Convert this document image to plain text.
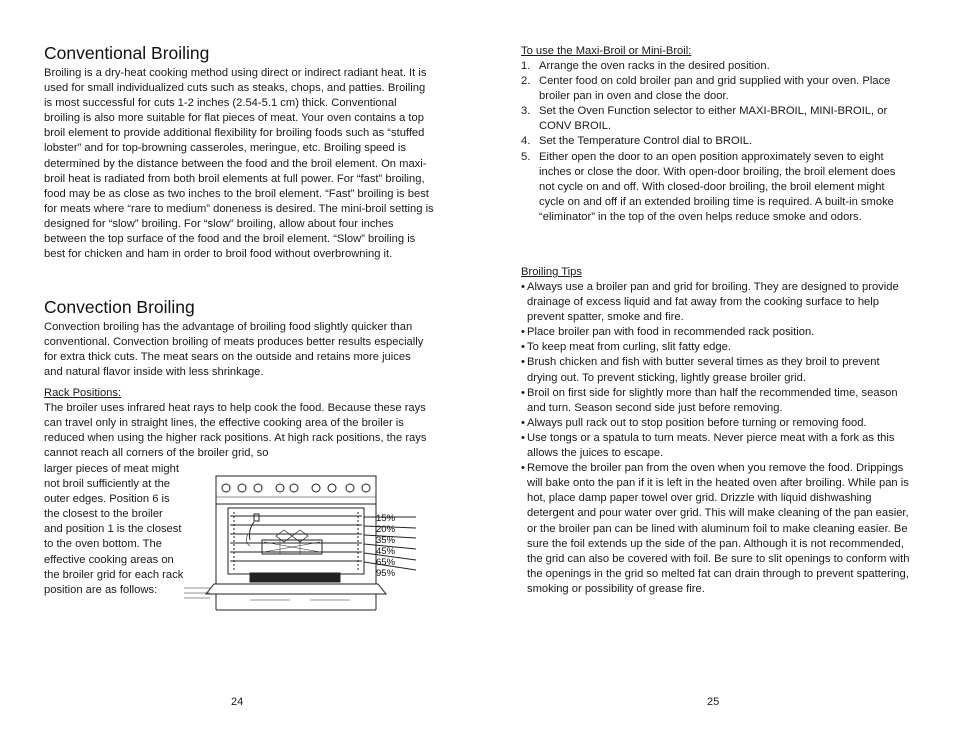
Conventional Broiling

Broiling is a dry-heat cooking method using direct or indirect radiant heat. It is used for small individualized cuts such as steaks, chops, and patties. Broiling is most successful for cuts 1-2 inches (2.54-5.1 cm) thick. Conventional broiling is also more suitable for flat pieces of meat. Your oven contains a top broil element to provide additional flexibility for broiling foods such as “stuffed lobster” and for top-browning casseroles, meringue, etc. Broiling speed is determined by the distance between the food and the broil element. On maxi-broil heat is radiated from both broil elements at full power. For “fast” broiling, food may be as close as two inches to the broil element. “Fast” broiling is best for meats where “rare to medium” doneness is desired. The mini-broil setting is designed for “slow” broiling. For “slow” broiling, allow about four inches between the top surface of the food and the broil element. “Slow” broiling is best for chicken and ham in order to broil food without overbrowning it.

Convection Broiling

Convection broiling has the advantage of broiling food slightly quicker than conventional. Convection broiling of meats produces better results especially for extra thick cuts. The meat sears on the outside and retains more juices and natural flavor inside with less shrinkage.

Rack Positions:

The broiler uses infrared heat rays to help cook the food. Because these rays can travel only in straight lines, the effective cooking area of the broiler is reduced when using the higher rack positions. At high rack positions, the rays cannot reach all corners of the broiler grid, so

larger pieces of meat might not broil sufficiently at the outer edges. Position 6 is the closest to the broiler and position 1 is the closest to the oven bottom. The effective cooking areas on the broiler grid for each rack position are as follows:

15%
20%
35%
45%
65%
95%
24
To use the Maxi-Broil or Mini-Broil:
1. Arrange the oven racks in the desired position.
2. Center food on cold broiler pan and grid supplied with your oven. Place broiler pan in oven and close the door.
3. Set the Oven Function selector to either MAXI-BROIL, MINI-BROIL, or CONV BROIL.
4. Set the Temperature Control dial to BROIL.
5. Either open the door to an open position approximately seven to eight inches or close the door. With open-door broiling, the broil element does not cycle on and off. With closed-door broiling, the broil element might cycle on and off if an extended broiling time is required. A built-in smoke “eliminator” in the top of the oven helps reduce smoke and odors.
Broiling Tips
• Always use a broiler pan and grid for broiling. They are designed to provide drainage of excess liquid and fat away from the cooking surface to help prevent spatter, smoke and fire.
• Place broiler pan with food in recommended rack position.
• To keep meat from curling, slit fatty edge.
• Brush chicken and fish with butter several times as they broil to prevent drying out. To prevent sticking, lightly grease broiler grid.
• Broil on first side for slightly more than half the recommended time, season and turn. Season second side just before removing.
• Always pull rack out to stop position before turning or removing food.
• Use tongs or a spatula to turn meats. Never pierce meat with a fork as this allows the juices to escape.
• Remove the broiler pan from the oven when you remove the food. Drippings will bake onto the pan if it is left in the heated oven after broiling. While pan is hot, place damp paper towel over grid. Drizzle with liquid dishwashing detergent and pour water over grid. This will make cleaning of the pan easier, or the broiler pan can be lined with aluminum foil to make cleaning easier. Be sure the foil extends up the side of the pan. Although it is not recommended, the grid can also be covered with foil. Be sure to slit openings to conform with the openings in the grid so melted fat can drain through to prevent spattering, smoking or possibility of grease fire.
25
